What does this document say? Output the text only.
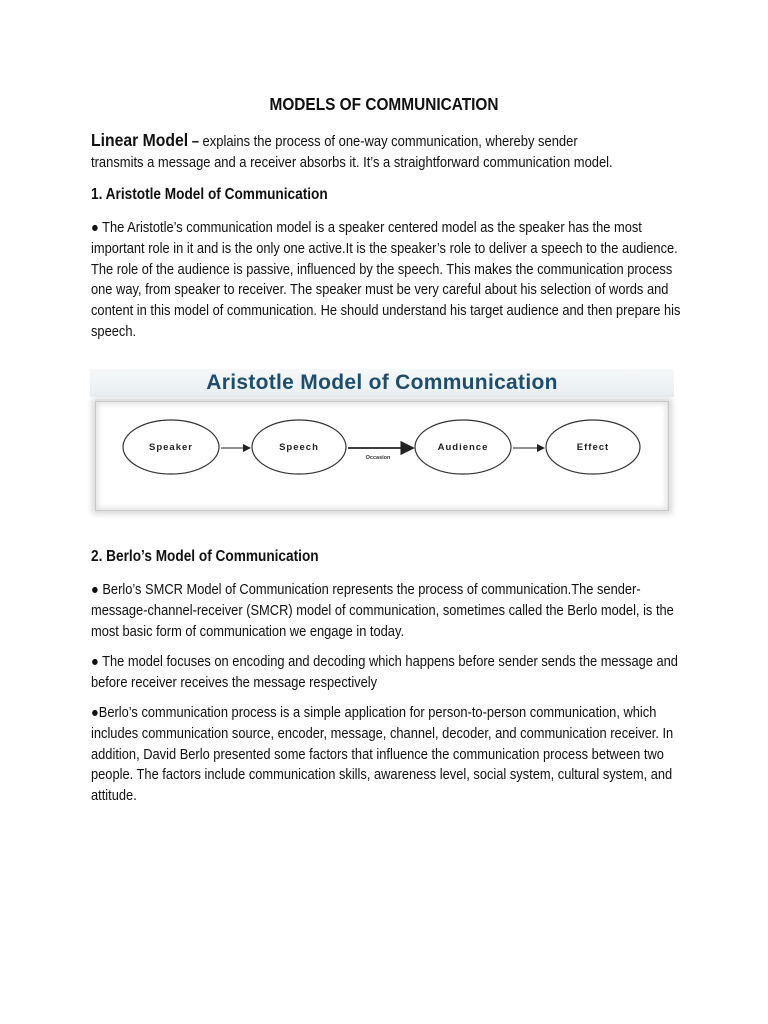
MODELS OF COMMUNICATION
Linear Model – explains the process of one-way communication, whereby sender transmits a message and a receiver absorbs it. It’s a straightforward communication model.
1. Aristotle Model of Communication
● The Aristotle’s communication model is a speaker centered model as the speaker has the most important role in it and is the only one active.It is the speaker’s role to deliver a speech to the audience. The role of the audience is passive, influenced by the speech. This makes the communication process one way, from speaker to receiver. The speaker must be very careful about his selection of words and content in this model of communication. He should understand his target audience and then prepare his speech.
Aristotle Model of Communication
Speaker	Speech	Audience	Effect
Occasion
2. Berlo’s Model of Communication
● Berlo’s SMCR Model of Communication represents the process of communication.The sender-message-channel-receiver (SMCR) model of communication, sometimes called the Berlo model, is the most basic form of communication we engage in today.
● The model focuses on encoding and decoding which happens before sender sends the message and before receiver receives the message respectively
●Berlo’s communication process is a simple application for person-to-person communication, which includes communication source, encoder, message, channel, decoder, and communication receiver. In addition, David Berlo presented some factors that influence the communication process between two people. The factors include communication skills, awareness level, social system, cultural system, and attitude.
